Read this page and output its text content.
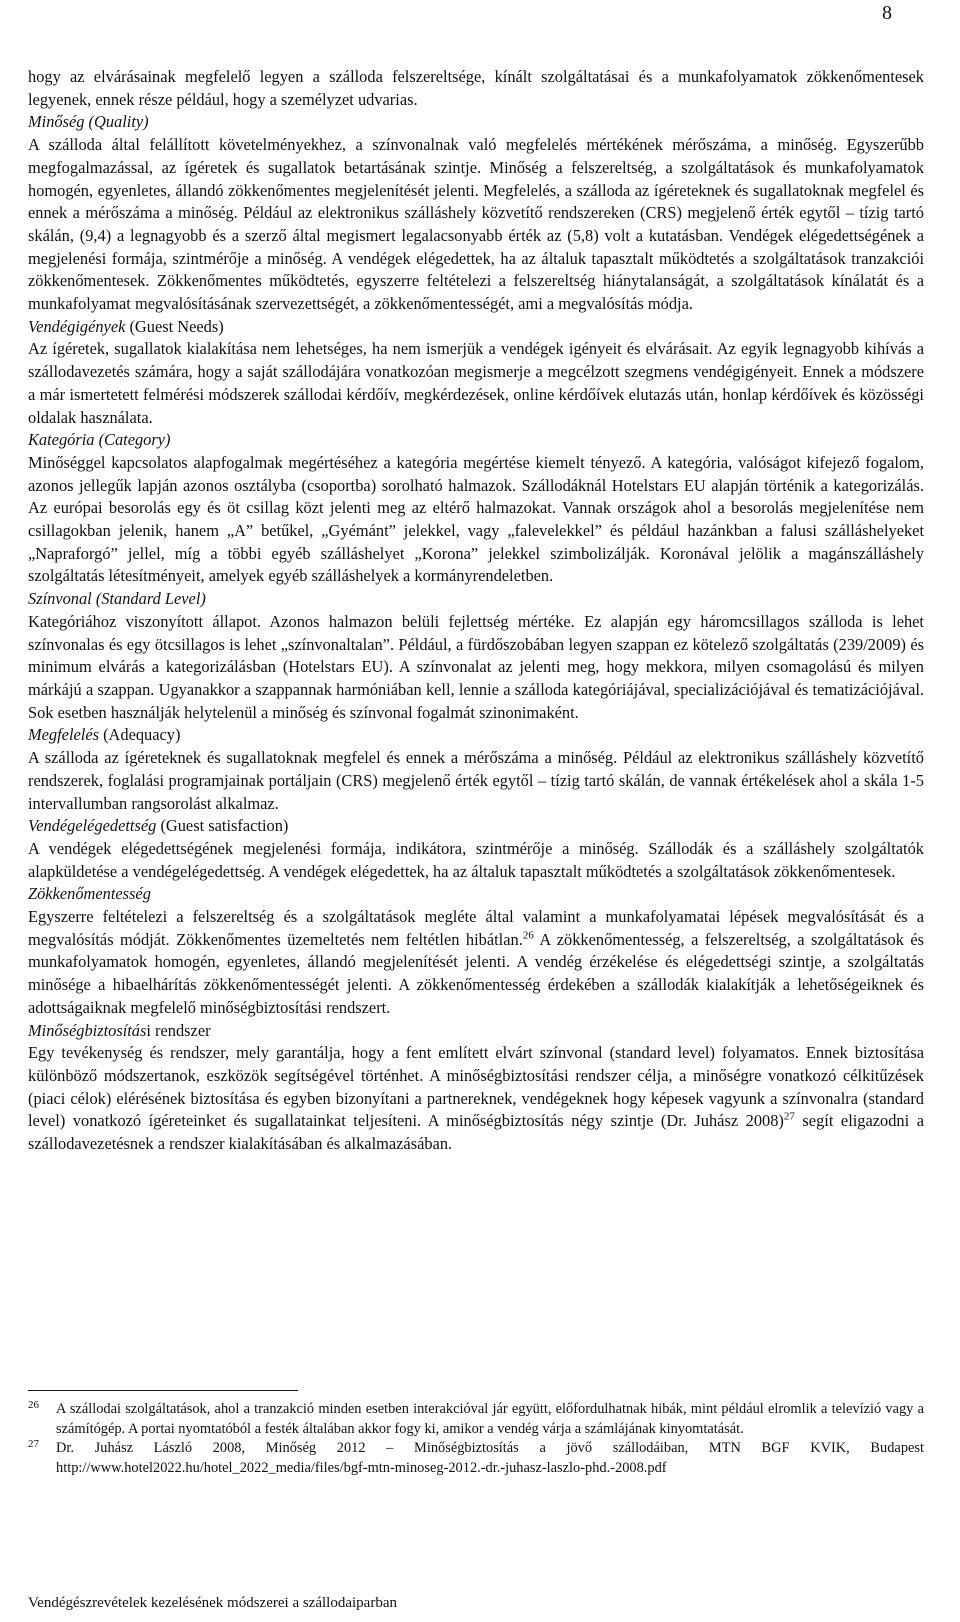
8

hogy az elvárásainak megfelelő legyen a szálloda felszereltsége, kínált szolgáltatásai és a munkafolyamatok zökkenőmentesek legyenek, ennek része például, hogy a személyzet udvarias.

Minőség (Quality)

A szálloda által felállított követelményekhez, a színvonalnak való megfelelés mértékének mérőszáma, a minőség. Egyszerűbb megfogalmazással, az ígéretek és sugallatok betartásának szintje. Minőség a felszereltség, a szolgáltatások és munkafolyamatok homogén, egyenletes, állandó zökkenőmentes megjelenítését jelenti. Megfelelés, a szálloda az ígéreteknek és sugallatoknak megfelel és ennek a mérőszáma a minőség. Például az elektronikus szálláshely közvetítő rendszereken (CRS) megjelenő érték egytől – tízig tartó skálán, (9,4) a legnagyobb és a szerző által megismert legalacsonyabb érték az (5,8) volt a kutatásban. Vendégek elégedettségének a megjelenési formája, szintmérője a minőség. A vendégek elégedettek, ha az általuk tapasztalt működtetés a szolgáltatások tranzakciói zökkenőmentesek. Zökkenőmentes működtetés, egyszerre feltételezi a felszereltség hiánytalanságát, a szolgáltatások kínálatát és a munkafolyamat megvalósításának szervezettségét, a zökkenőmentességét, ami a megvalósítás módja.

Vendégigények (Guest Needs)

Az ígéretek, sugallatok kialakítása nem lehetséges, ha nem ismerjük a vendégek igényeit és elvárásait. Az egyik legnagyobb kihívás a szállodavezetés számára, hogy a saját szállodájára vonatkozóan megismerje a megcélzott szegmens vendégigényeit. Ennek a módszere a már ismertetett felmérési módszerek szállodai kérdőív, megkérdezések, online kérdőívek elutazás után, honlap kérdőívek és közösségi oldalak használata.

Kategória (Category)

Minőséggel kapcsolatos alapfogalmak megértéséhez a kategória megértése kiemelt tényező. A kategória, valóságot kifejező fogalom, azonos jellegűk lapján azonos osztályba (csoportba) sorolható halmazok. Szállodáknál Hotelstars EU alapján történik a kategorizálás. Az európai besorolás egy és öt csillag közt jelenti meg az eltérő halmazokat. Vannak országok ahol a besorolás megjelenítése nem csillagokban jelenik, hanem „A” betűkel, „Gyémánt” jelekkel, vagy „falevelekkel” és például hazánkban a falusi szálláshelyeket „Napraforgó” jellel, míg a többi egyéb szálláshelyet „Korona” jelekkel szimbolizálják. Koronával jelölik a magánszálláshely szolgáltatás létesítményeit, amelyek egyéb szálláshelyek a kormányrendeletben.

Színvonal (Standard Level)

Kategóriához viszonyított állapot. Azonos halmazon belüli fejlettség mértéke. Ez alapján egy háromcsillagos szálloda is lehet színvonalas és egy ötcsillagos is lehet „színvonaltalan”. Például, a fürdőszobában legyen szappan ez kötelező szolgáltatás (239/2009) és minimum elvárás a kategorizálásban (Hotelstars EU). A színvonalat az jelenti meg, hogy mekkora, milyen csomagolású és milyen márkájú a szappan. Ugyanakkor a szappannak harmóniában kell, lennie a szálloda kategóriájával, specializációjával és tematizációjával. Sok esetben használják helytelenül a minőség és színvonal fogalmát szinonimaként.

Megfelelés (Adequacy)

A szálloda az ígéreteknek és sugallatoknak megfelel és ennek a mérőszáma a minőség. Például az elektronikus szálláshely közvetítő rendszerek, foglalási programjainak portáljain (CRS) megjelenő érték egytől – tízig tartó skálán, de vannak értékelések ahol a skála 1-5 intervallumban rangsorolást alkalmaz.

Vendégelégedettség (Guest satisfaction)

A vendégek elégedettségének megjelenési formája, indikátora, szintmérője a minőség. Szállodák és a szálláshely szolgáltatók alapküldetése a vendégelégedettség. A vendégek elégedettek, ha az általuk tapasztalt működtetés a szolgáltatások zökkenőmentesek.

Zökkenőmentesség

Egyszerre feltételezi a felszereltség és a szolgáltatások megléte által valamint a munkafolyamatai lépések megvalósítását és a megvalósítás módját. Zökkenőmentes üzemeltetés nem feltétlen hibátlan.$^{26}$ A zökkenőmentesség, a felszereltség, a szolgáltatások és munkafolyamatok homogén, egyenletes, állandó megjelenítését jelenti. A vendég érzékelése és elégedettségi szintje, a szolgáltatás minősége a hibaelhárítás zökkenőmentességét jelenti. A zökkenőmentesség érdekében a szállodák kialakítják a lehetőségeiknek és adottságaiknak megfelelő minőségbiztosítási rendszert.

Minőségbiztosítási rendszer

Egy tevékenység és rendszer, mely garantálja, hogy a fent említett elvárt színvonal (standard level) folyamatos. Ennek biztosítása különböző módszertanok, eszközök segítségével történhet. A minőségbiztosítási rendszer célja, a minőségre vonatkozó célkitűzések (piaci célok) elérésének biztosítása és egyben bizonyítani a partnereknek, vendégeknek hogy képesek vagyunk a színvonalra (standard level) vonatkozó ígéreteinket és sugallatainkat teljesíteni. A minőségbiztosítás négy szintje (Dr. Juhász 2008)$^{27}$ segít eligazodni a szállodavezetésnek a rendszer kialakításában és alkalmazásában.

26 A szállodai szolgáltatások, ahol a tranzakció minden esetben interakcióval jár együtt, előfordulhatnak hibák, mint például elromlik a televízió vagy a számítógép. A portai nyomtatóból a festék általában akkor fogy ki, amikor a vendég várja a számlájának kinyomtatását.

27 Dr. Juhász László 2008, Minőség 2012 – Minőségbiztosítás a jövő szállodáiban, MTN BGF KVIK, Budapest http://www.hotel2022.hu/hotel_2022_media/files/bgf-mtn-minoseg-2012.-dr.-juhasz-laszlo-phd.-2008.pdf

Vendégészrevételek kezelésének módszerei a szállodaiparban
